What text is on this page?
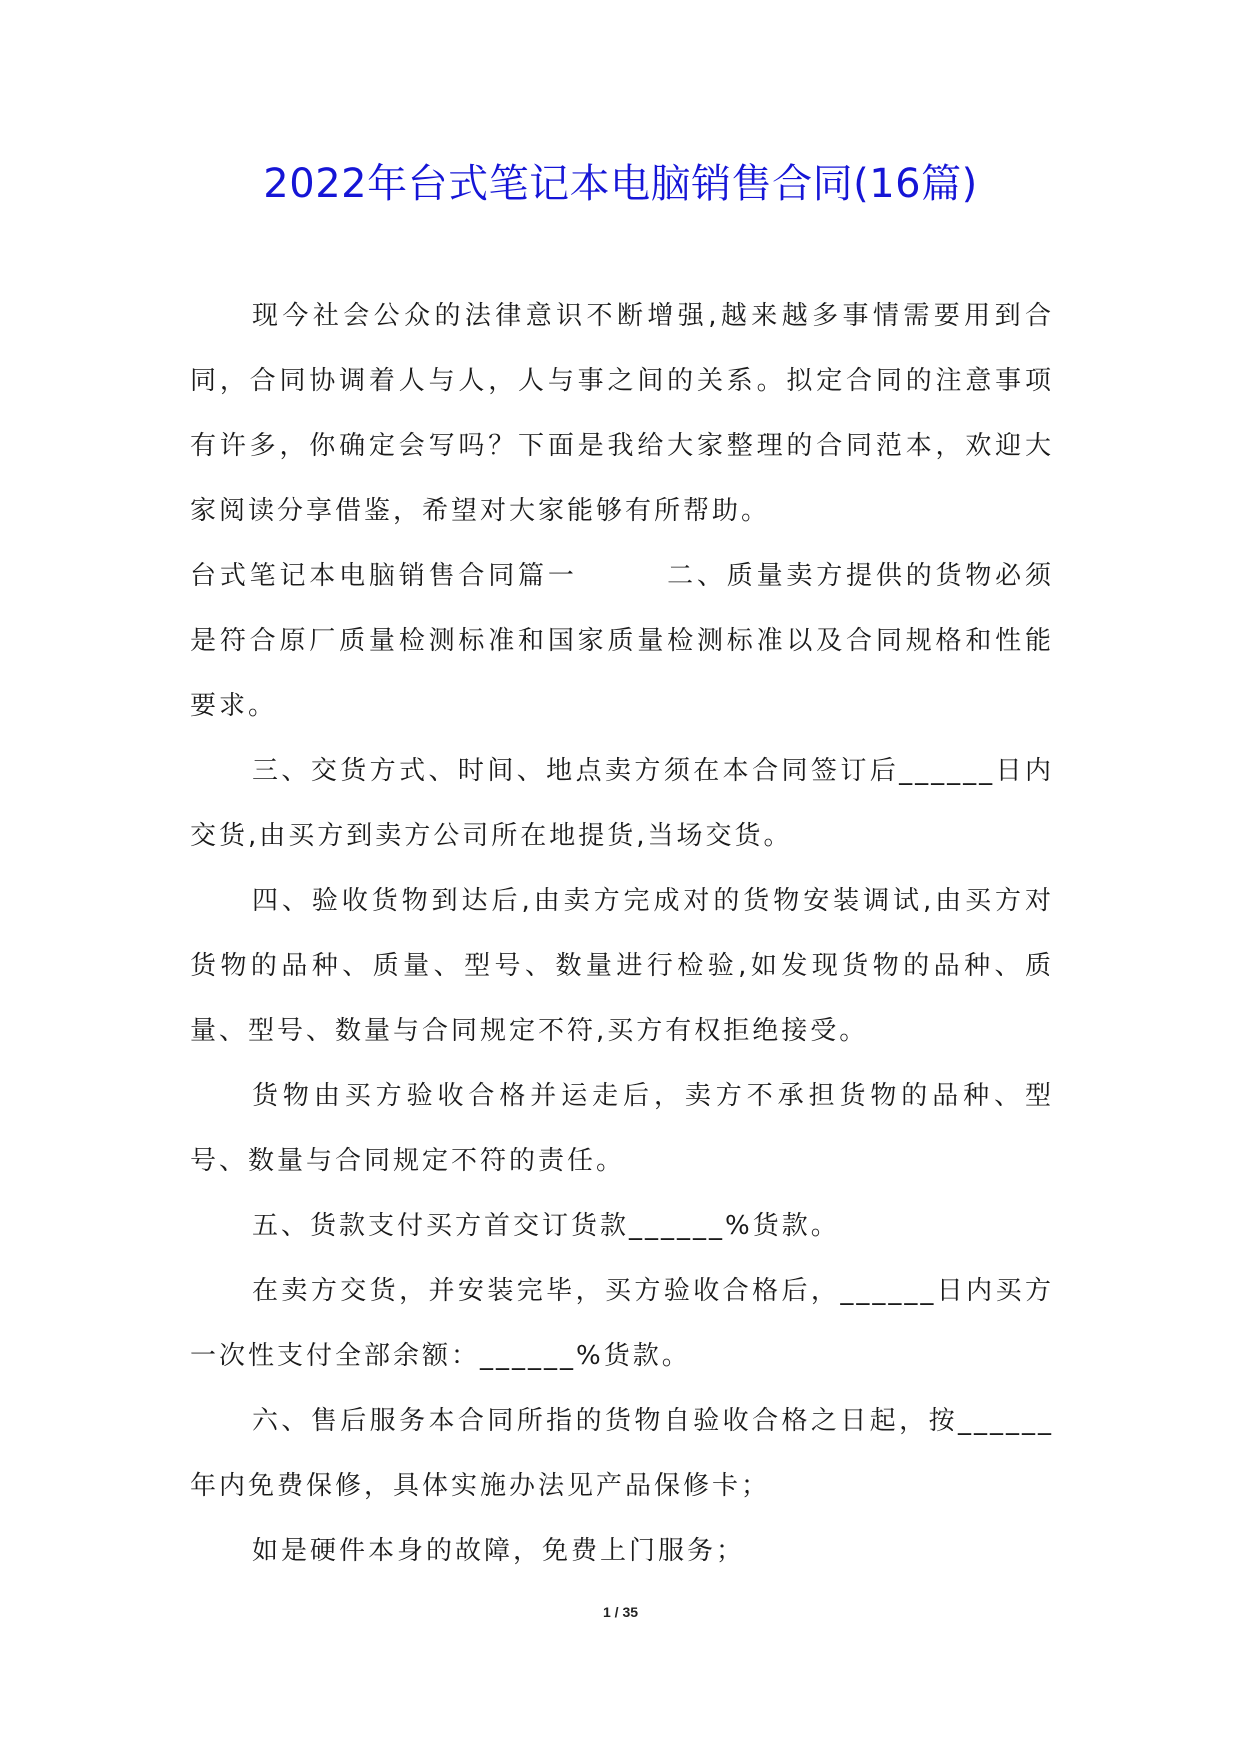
2022年台式笔记本电脑销售合同(16篇)

现今社会公众的法律意识不断增强,越来越多事情需要用到合同，合同协调着人与人，人与事之间的关系。拟定合同的注意事项有许多，你确定会写吗？下面是我给大家整理的合同范本，欢迎大家阅读分享借鉴，希望对大家能够有所帮助。

台式笔记本电脑销售合同篇一　　　二、质量卖方提供的货物必须是符合原厂质量检测标准和国家质量检测标准以及合同规格和性能要求。

三、交货方式、时间、地点卖方须在本合同签订后______日内交货,由买方到卖方公司所在地提货,当场交货。

四、验收货物到达后,由卖方完成对的货物安装调试,由买方对货物的品种、质量、型号、数量进行检验,如发现货物的品种、质量、型号、数量与合同规定不符,买方有权拒绝接受。

货物由买方验收合格并运走后，卖方不承担货物的品种、型号、数量与合同规定不符的责任。

五、货款支付买方首交订货款______%货款。

在卖方交货，并安装完毕，买方验收合格后，______日内买方一次性支付全部余额：______%货款。

六、售后服务本合同所指的货物自验收合格之日起，按______年内免费保修，具体实施办法见产品保修卡；

如是硬件本身的故障，免费上门服务；

1 / 35
